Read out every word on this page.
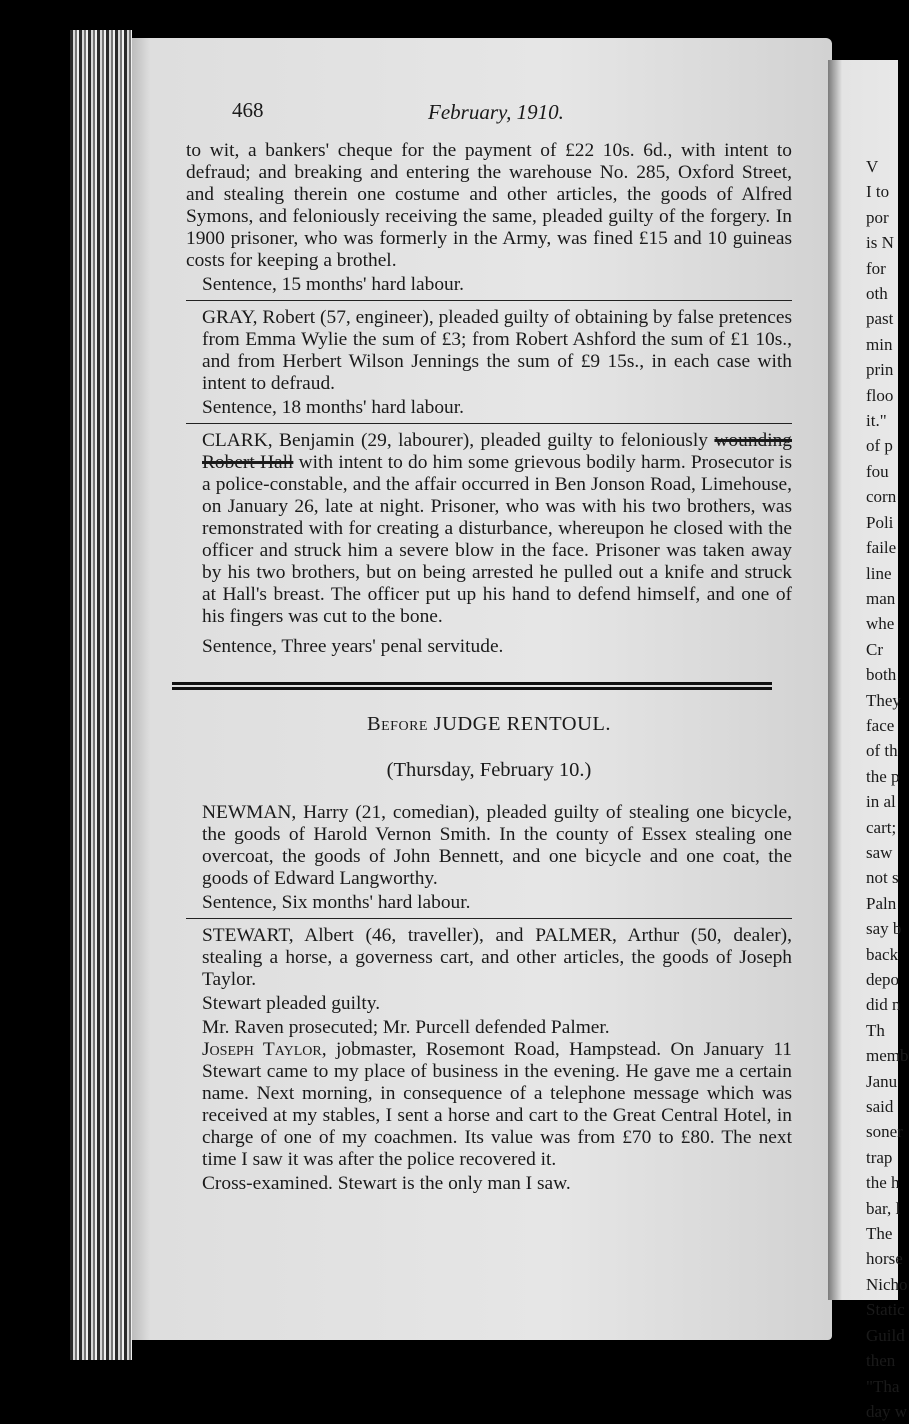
V
I to
por
is N
for
oth
past
min
prin
floo
it."
of p
fou
corn
Poli
faile
line
man
whe
Cr
both
They
face
of th
the p
in al
cart;
saw
not s
Paln
say b
back
depo
did n
Th
memb
Janu
said
soner
trap
the h
bar, l
The
horse
Nicho
Static
Guild
then
"Tha
day w
468	February, 1910.

to wit, a bankers' cheque for the payment of £22 10s. 6d., with intent to defraud; and breaking and entering the warehouse No. 285, Oxford Street, and stealing therein one costume and other articles, the goods of Alfred Symons, and feloniously receiving the same, pleaded guilty of the forgery. In 1900 prisoner, who was formerly in the Army, was fined £15 and 10 guineas costs for keeping a brothel.

Sentence, 15 months' hard labour.

GRAY, Robert (57, engineer), pleaded guilty of obtaining by false pretences from Emma Wylie the sum of £3; from Robert Ashford the sum of £1 10s., and from Herbert Wilson Jennings the sum of £9 15s., in each case with intent to defraud.

Sentence, 18 months' hard labour.

CLARK, Benjamin (29, labourer), pleaded guilty to feloniously wounding Robert Hall with intent to do him some grievous bodily harm. Prosecutor is a police-constable, and the affair occurred in Ben Jonson Road, Limehouse, on January 26, late at night. Prisoner, who was with his two brothers, was remonstrated with for creating a disturbance, whereupon he closed with the officer and struck him a severe blow in the face. Prisoner was taken away by his two brothers, but on being arrested he pulled out a knife and struck at Hall's breast. The officer put up his hand to defend himself, and one of his fingers was cut to the bone.

Sentence, Three years' penal servitude.

Before JUDGE RENTOUL.

(Thursday, February 10.)

NEWMAN, Harry (21, comedian), pleaded guilty of stealing one bicycle, the goods of Harold Vernon Smith. In the county of Essex stealing one overcoat, the goods of John Bennett, and one bicycle and one coat, the goods of Edward Langworthy.

Sentence, Six months' hard labour.

STEWART, Albert (46, traveller), and PALMER, Arthur (50, dealer), stealing a horse, a governess cart, and other articles, the goods of Joseph Taylor.

Stewart pleaded guilty.

Mr. Raven prosecuted; Mr. Purcell defended Palmer.

Joseph Taylor, jobmaster, Rosemont Road, Hampstead. On January 11 Stewart came to my place of business in the evening. He gave me a certain name. Next morning, in consequence of a telephone message which was received at my stables, I sent a horse and cart to the Great Central Hotel, in charge of one of my coachmen. Its value was from £70 to £80. The next time I saw it was after the police recovered it.

Cross-examined. Stewart is the only man I saw.
